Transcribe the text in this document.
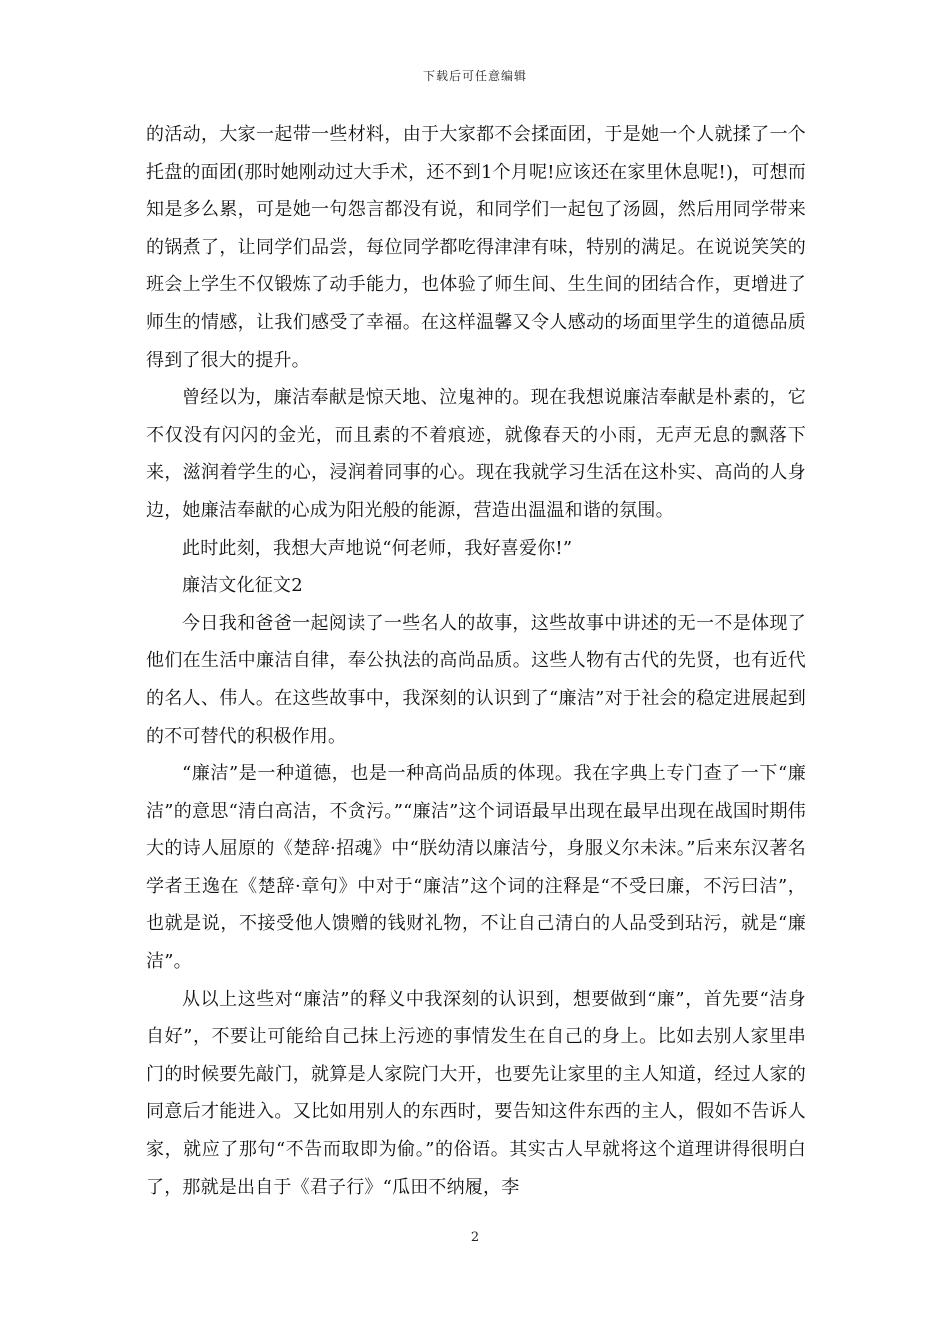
下载后可任意编辑

的活动，大家一起带一些材料，由于大家都不会揉面团，于是她一个人就揉了一个托盘的面团(那时她刚动过大手术，还不到1个月呢!应该还在家里休息呢!)，可想而知是多么累，可是她一句怨言都没有说，和同学们一起包了汤圆，然后用同学带来的锅煮了，让同学们品尝，每位同学都吃得津津有味，特别的满足。在说说笑笑的班会上学生不仅锻炼了动手能力，也体验了师生间、生生间的团结合作，更增进了师生的情感，让我们感受了幸福。在这样温馨又令人感动的场面里学生的道德品质得到了很大的提升。

曾经以为，廉洁奉献是惊天地、泣鬼神的。现在我想说廉洁奉献是朴素的，它不仅没有闪闪的金光，而且素的不着痕迹，就像春天的小雨，无声无息的飘落下来，滋润着学生的心，浸润着同事的心。现在我就学习生活在这朴实、高尚的人身边，她廉洁奉献的心成为阳光般的能源，营造出温温和谐的氛围。

此时此刻，我想大声地说“何老师，我好喜爱你!”

廉洁文化征文2

今日我和爸爸一起阅读了一些名人的故事，这些故事中讲述的无一不是体现了他们在生活中廉洁自律，奉公执法的高尚品质。这些人物有古代的先贤，也有近代的名人、伟人。在这些故事中，我深刻的认识到了“廉洁”对于社会的稳定进展起到的不可替代的积极作用。

“廉洁”是一种道德，也是一种高尚品质的体现。我在字典上专门查了一下“廉洁”的意思“清白高洁，不贪污。”“廉洁”这个词语最早出现在最早出现在战国时期伟大的诗人屈原的《楚辞·招魂》中“朕幼清以廉洁兮，身服义尔未沫。”后来东汉著名学者王逸在《楚辞·章句》中对于“廉洁”这个词的注释是“不受曰廉，不污曰洁”，也就是说，不接受他人馈赠的钱财礼物，不让自己清白的人品受到玷污，就是“廉洁”。

从以上这些对“廉洁”的释义中我深刻的认识到，想要做到“廉”，首先要“洁身自好”，不要让可能给自己抹上污迹的事情发生在自己的身上。比如去别人家里串门的时候要先敲门，就算是人家院门大开，也要先让家里的主人知道，经过人家的同意后才能进入。又比如用别人的东西时，要告知这件东西的主人，假如不告诉人家，就应了那句“不告而取即为偷。”的俗语。其实古人早就将这个道理讲得很明白了，那就是出自于《君子行》“瓜田不纳履，李

2
